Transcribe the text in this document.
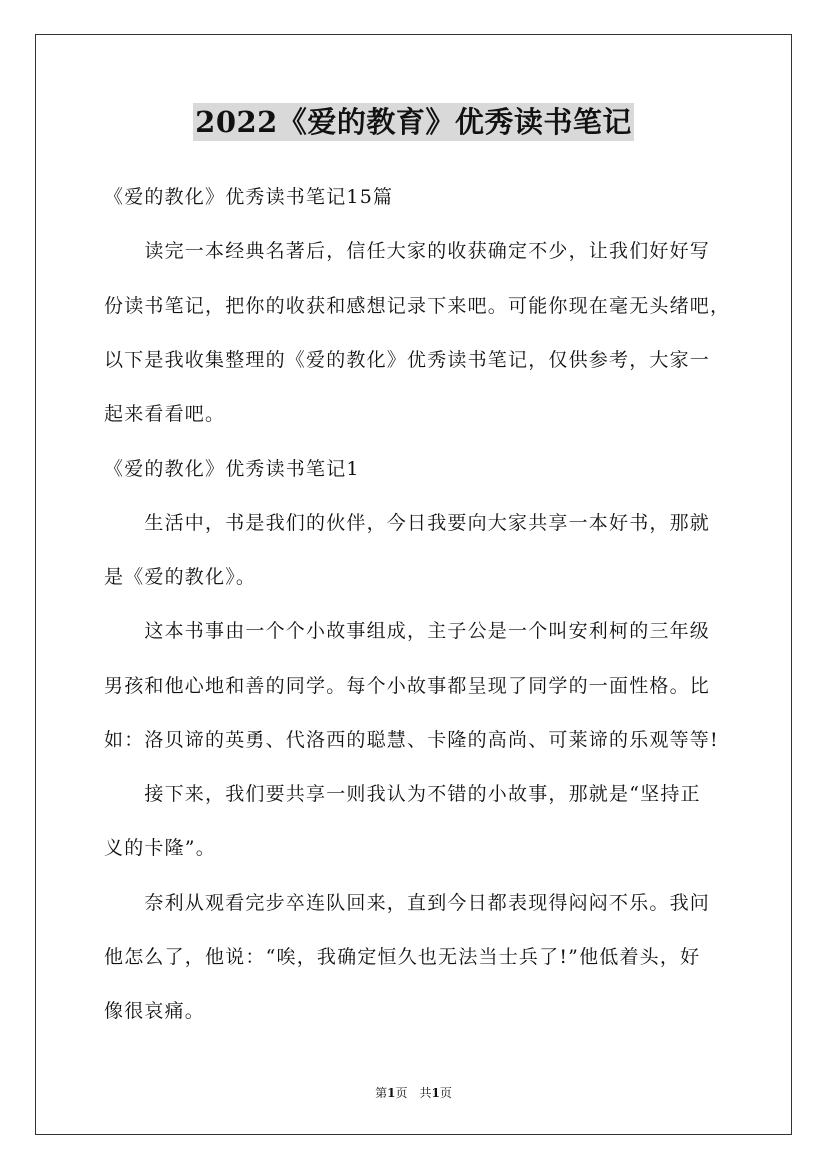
2022《爱的教育》优秀读书笔记
《爱的教化》优秀读书笔记15篇
　　读完一本经典名著后，信任大家的收获确定不少，让我们好好写
份读书笔记，把你的收获和感想记录下来吧。可能你现在毫无头绪吧，
以下是我收集整理的《爱的教化》优秀读书笔记，仅供参考，大家一
起来看看吧。
《爱的教化》优秀读书笔记1
　　生活中，书是我们的伙伴，今日我要向大家共享一本好书，那就
是《爱的教化》。
　　这本书事由一个个小故事组成，主子公是一个叫安利柯的三年级
男孩和他心地和善的同学。每个小故事都呈现了同学的一面性格。比
如：洛贝谛的英勇、代洛西的聪慧、卡隆的高尚、可莱谛的乐观等等!
　　接下来，我们要共享一则我认为不错的小故事，那就是“坚持正
义的卡隆”。
　　奈利从观看完步卒连队回来，直到今日都表现得闷闷不乐。我问
他怎么了，他说：“唉，我确定恒久也无法当士兵了!”他低着头，好
像很哀痛。
第1页　共1页
